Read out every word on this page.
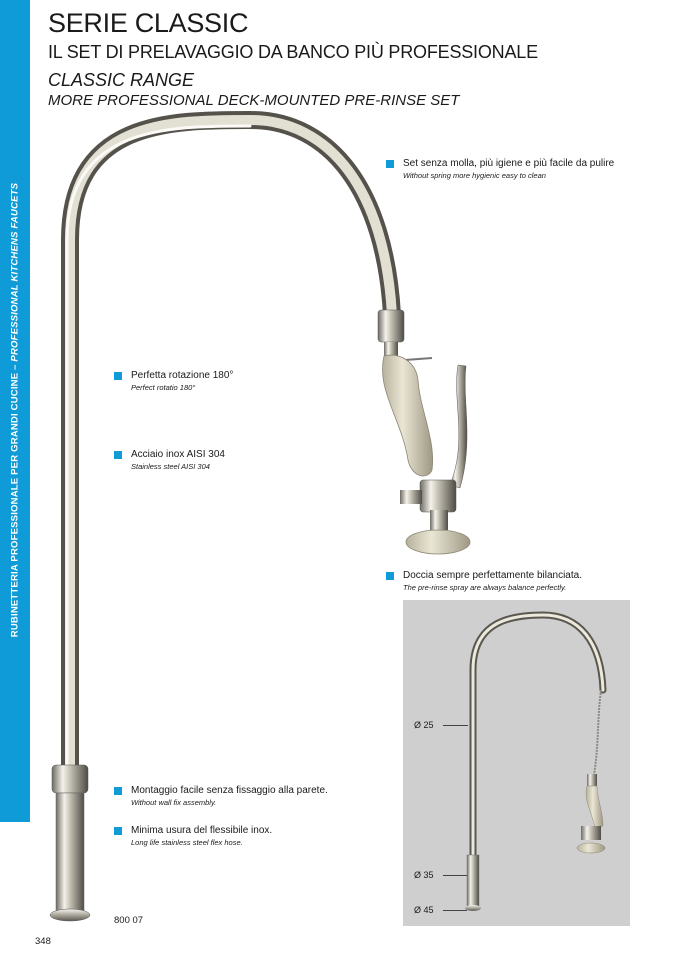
RUBINETTERIA PROFESSIONALE PER GRANDI CUCINE – PROFESSIONAL KITCHENS FAUCETS
SERIE CLASSIC
IL SET DI PRELAVAGGIO DA BANCO PIÙ PROFESSIONALE
CLASSIC RANGE
MORE PROFESSIONAL DECK-MOUNTED PRE-RINSE SET
Set senza molla, più igiene e più facile da pulire
Without spring more hygienic easy to clean
Perfetta rotazione 180°
Perfect rotatio 180°
Acciaio inox AISI 304
Stainless steel AISI 304
Doccia sempre perfettamente bilanciata.
The pre-rinse spray are always balance perfectly.
Montaggio facile senza fissaggio alla parete.
Without wall fix assembly.
Minima usura del flessibile inox.
Long life stainless steel flex hose.
Ø 25
Ø 35
Ø 45
800 07
348
